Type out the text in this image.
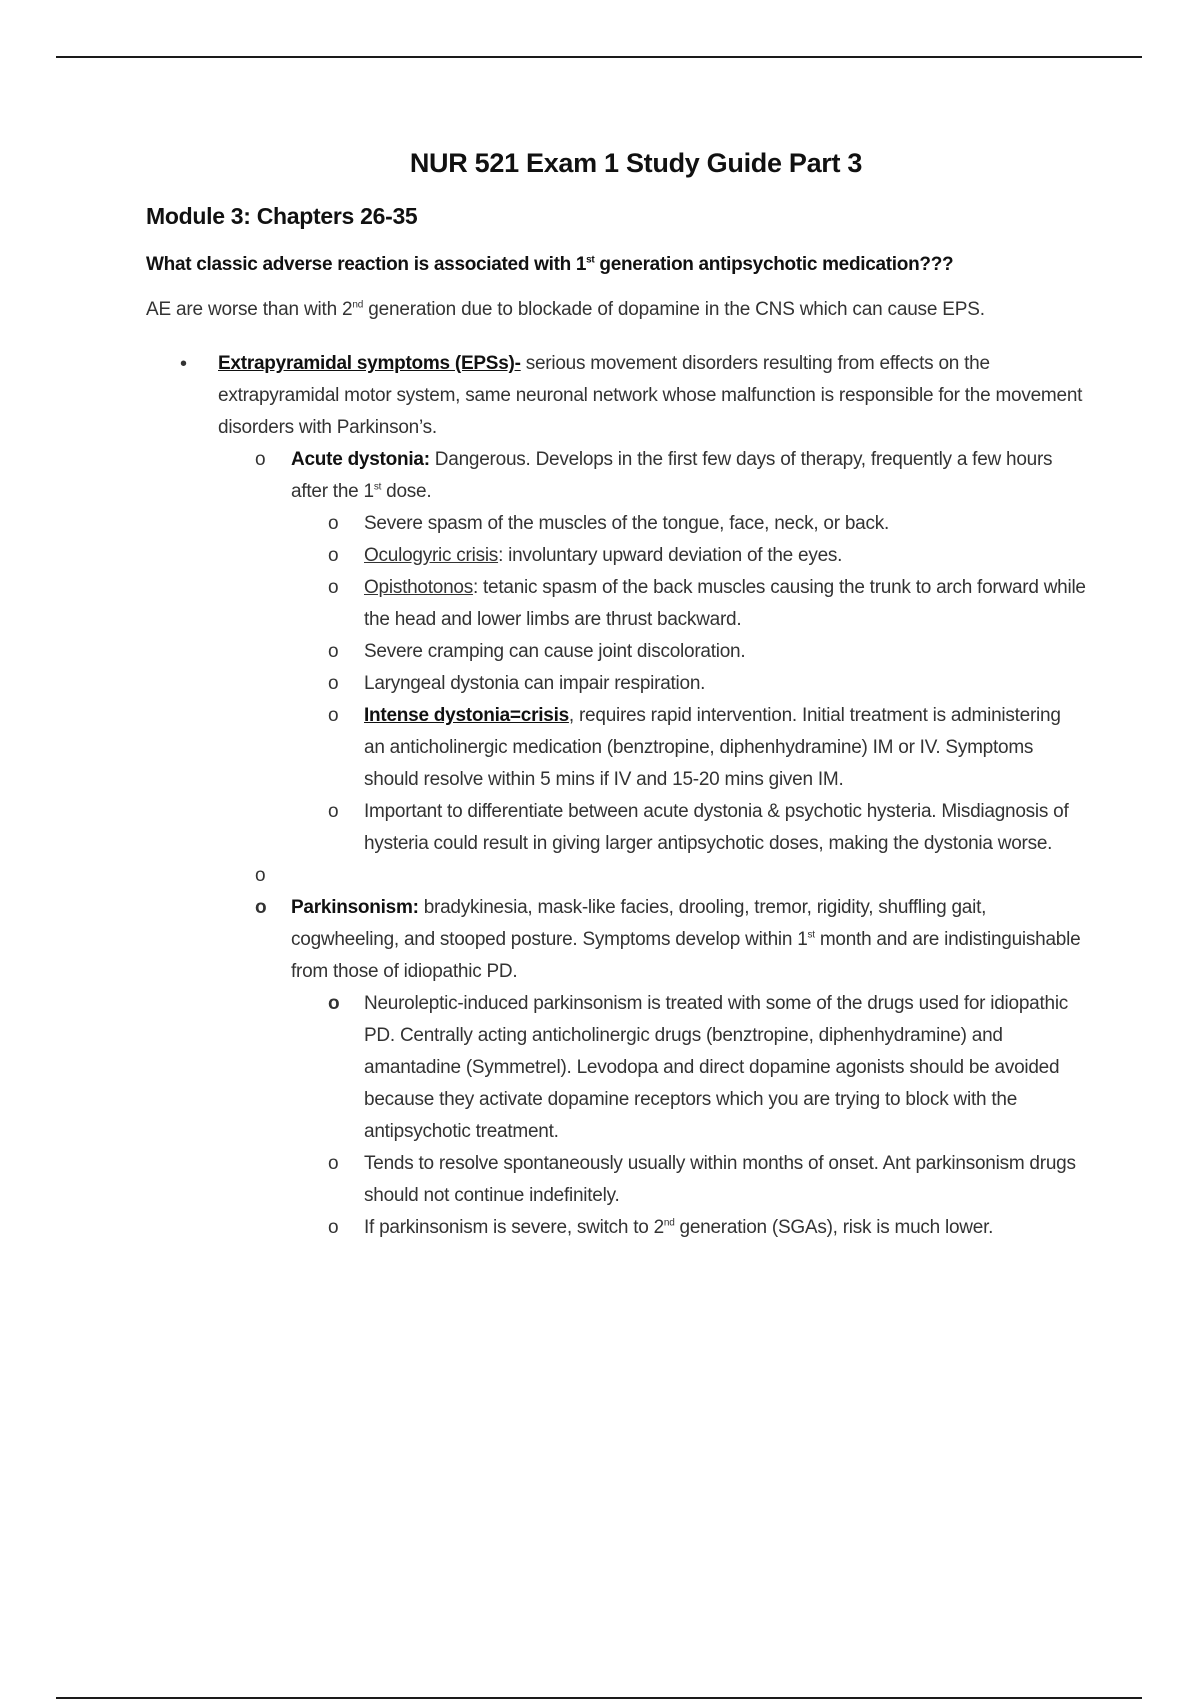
NUR 521 Exam 1 Study Guide Part 3
Module 3: Chapters 26-35
What classic adverse reaction is associated with 1st generation antipsychotic medication???
AE are worse than with 2nd generation due to blockade of dopamine in the CNS which can cause EPS.
• Extrapyramidal symptoms (EPSs)- serious movement disorders resulting from effects on the extrapyramidal motor system, same neuronal network whose malfunction is responsible for the movement disorders with Parkinson’s.
o Acute dystonia: Dangerous. Develops in the first few days of therapy, frequently a few hours after the 1st dose.
o Severe spasm of the muscles of the tongue, face, neck, or back.
o Oculogyric crisis: involuntary upward deviation of the eyes.
o Opisthotonos: tetanic spasm of the back muscles causing the trunk to arch forward while the head and lower limbs are thrust backward.
o Severe cramping can cause joint discoloration.
o Laryngeal dystonia can impair respiration.
o Intense dystonia=crisis, requires rapid intervention. Initial treatment is administering an anticholinergic medication (benztropine, diphenhydramine) IM or IV. Symptoms should resolve within 5 mins if IV and 15-20 mins given IM.
o Important to differentiate between acute dystonia & psychotic hysteria. Misdiagnosis of hysteria could result in giving larger antipsychotic doses, making the dystonia worse.
o
o Parkinsonism: bradykinesia, mask-like facies, drooling, tremor, rigidity, shuffling gait, cogwheeling, and stooped posture. Symptoms develop within 1st month and are indistinguishable from those of idiopathic PD.
o Neuroleptic-induced parkinsonism is treated with some of the drugs used for idiopathic PD. Centrally acting anticholinergic drugs (benztropine, diphenhydramine) and amantadine (Symmetrel). Levodopa and direct dopamine agonists should be avoided because they activate dopamine receptors which you are trying to block with the antipsychotic treatment.
o Tends to resolve spontaneously usually within months of onset. Ant parkinsonism drugs should not continue indefinitely.
o If parkinsonism is severe, switch to 2nd generation (SGAs), risk is much lower.
